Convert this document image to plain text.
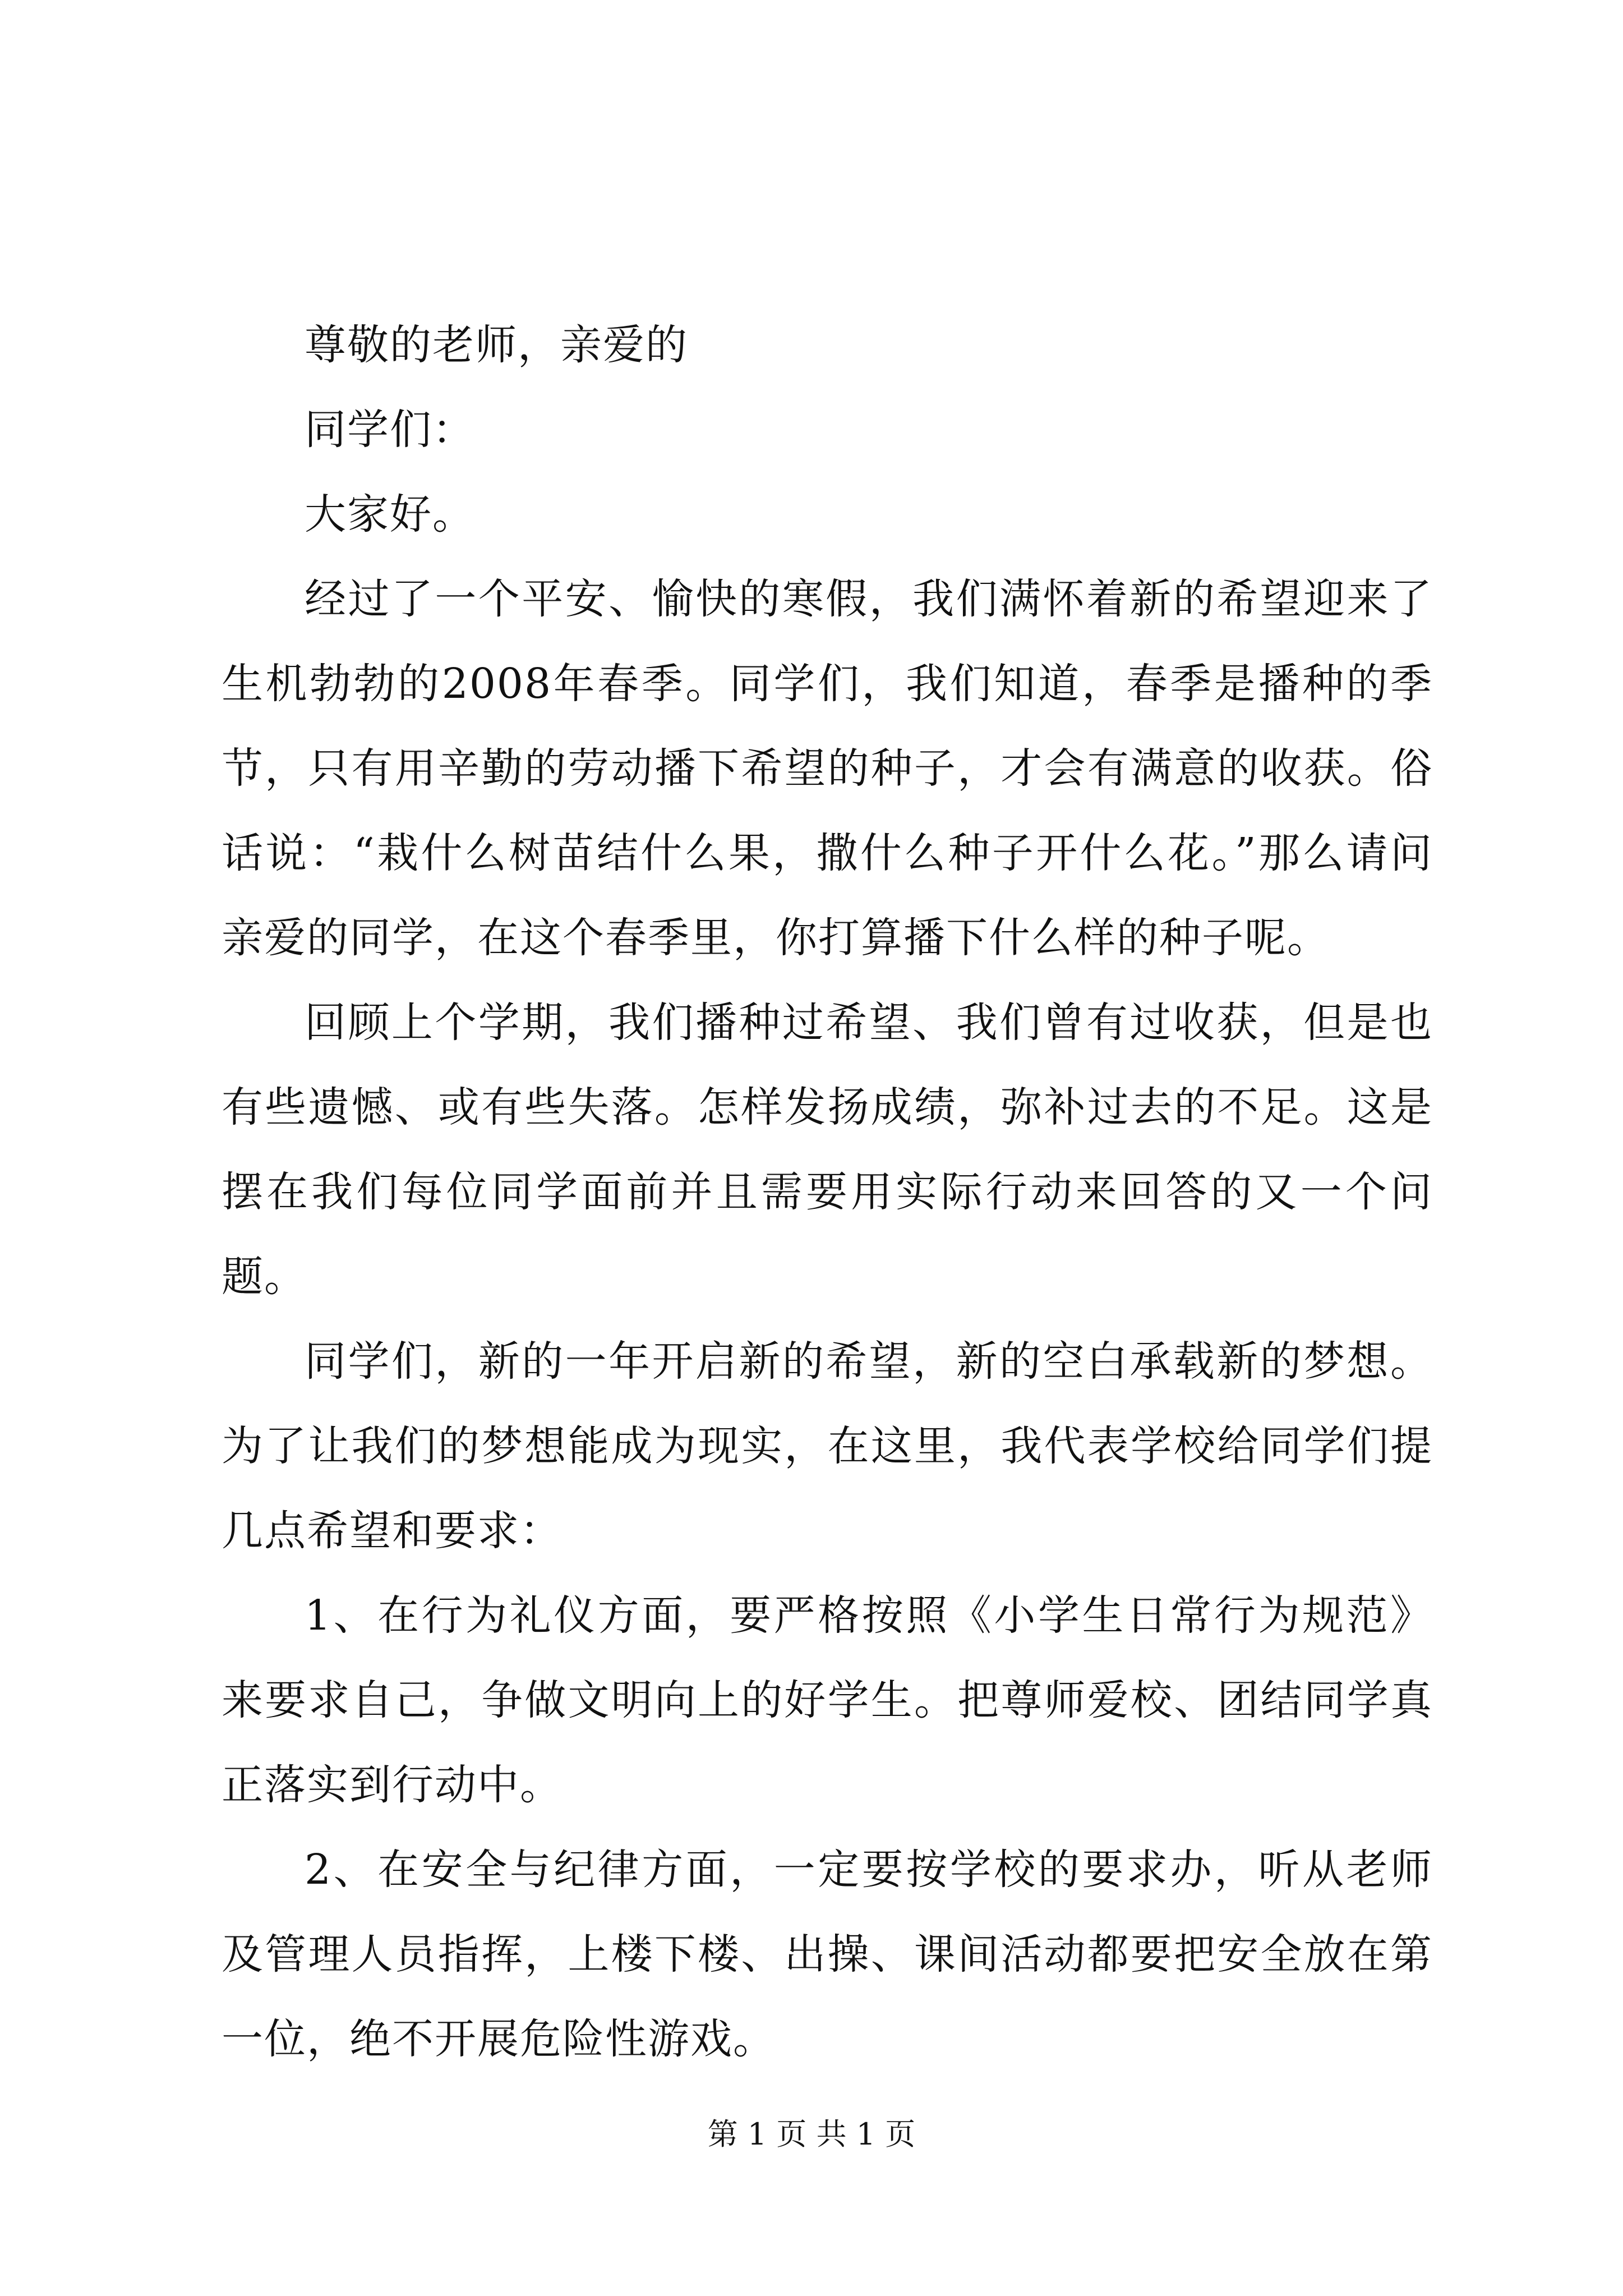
尊敬的老师，亲爱的

同学们：

大家好。

经过了一个平安、愉快的寒假，我们满怀着新的希望迎来了生机勃勃的2008年春季。同学们，我们知道，春季是播种的季节，只有用辛勤的劳动播下希望的种子，才会有满意的收获。俗话说：“栽什么树苗结什么果，撒什么种子开什么花。”那么请问亲爱的同学，在这个春季里，你打算播下什么样的种子呢。

回顾上个学期，我们播种过希望、我们曾有过收获，但是也有些遗憾、或有些失落。怎样发扬成绩，弥补过去的不足。这是摆在我们每位同学面前并且需要用实际行动来回答的又一个问题。

同学们，新的一年开启新的希望，新的空白承载新的梦想。为了让我们的梦想能成为现实，在这里，我代表学校给同学们提几点希望和要求：

1、在行为礼仪方面，要严格按照《小学生日常行为规范》来要求自己，争做文明向上的好学生。把尊师爱校、团结同学真正落实到行动中。

2、在安全与纪律方面，一定要按学校的要求办，听从老师及管理人员指挥，上楼下楼、出操、课间活动都要把安全放在第一位，绝不开展危险性游戏。

第 1 页 共 1 页
